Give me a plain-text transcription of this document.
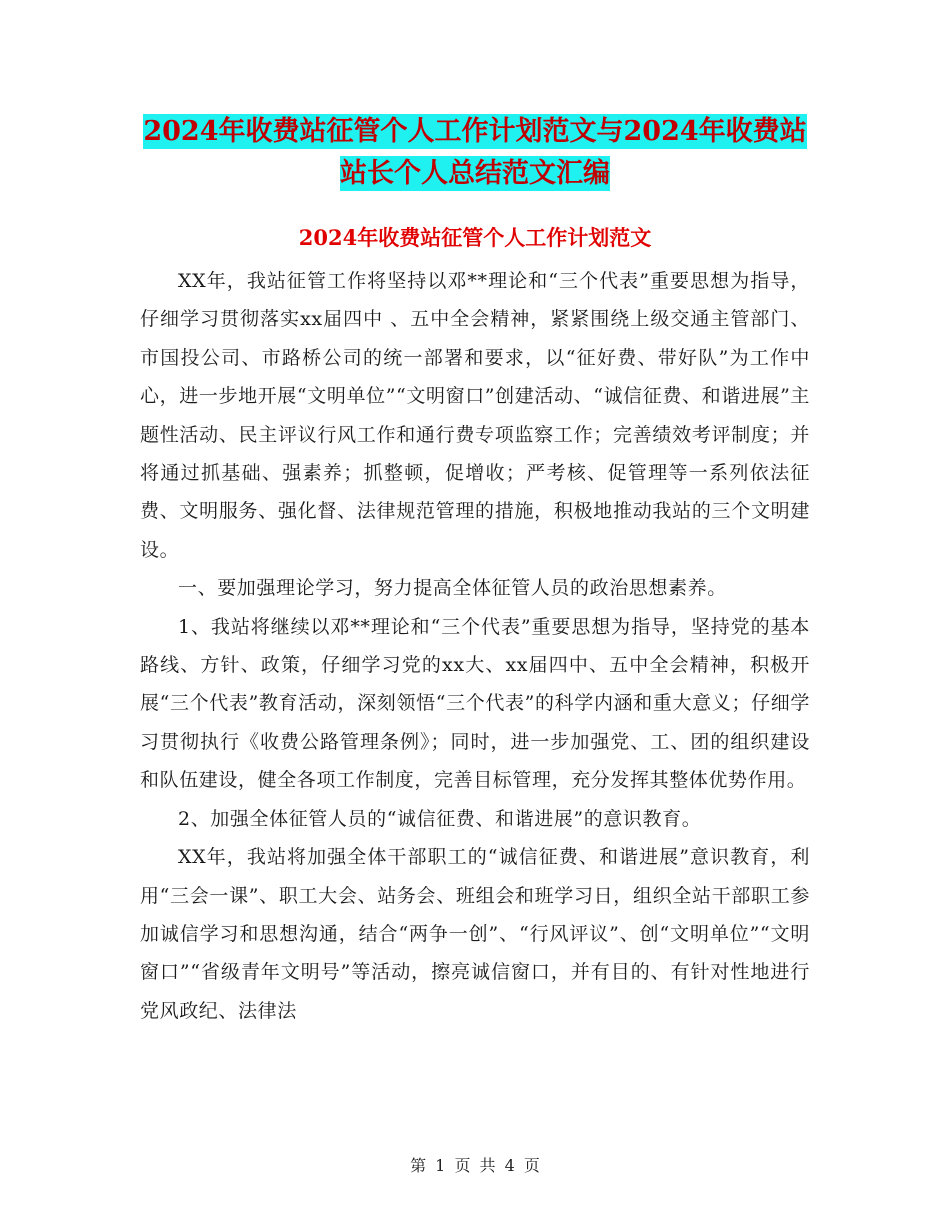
2024年收费站征管个人工作计划范文与2024年收费站
站长个人总结范文汇编
2024年收费站征管个人工作计划范文

XX年，我站征管工作将坚持以邓**理论和“三个代表”重要思想为指导，仔细学习贯彻落实xx届四中 、五中全会精神，紧紧围绕上级交通主管部门、市国投公司、市路桥公司的统一部署和要求，以“征好费、带好队”为工作中心，进一步地开展“文明单位”“文明窗口”创建活动、“诚信征费、和谐进展”主题性活动、民主评议行风工作和通行费专项监察工作；完善绩效考评制度；并将通过抓基础、强素养；抓整顿，促增收；严考核、促管理等一系列依法征费、文明服务、强化督、法律规范管理的措施，积极地推动我站的三个文明建设。

一、要加强理论学习，努力提高全体征管人员的政治思想素养。

1、我站将继续以邓**理论和“三个代表”重要思想为指导，坚持党的基本路线、方针、政策，仔细学习党的xx大、xx届四中、五中全会精神，积极开展“三个代表”教育活动，深刻领悟“三个代表”的科学内涵和重大意义；仔细学习贯彻执行《收费公路管理条例》；同时，进一步加强党、工、团的组织建设和队伍建设，健全各项工作制度，完善目标管理，充分发挥其整体优势作用。

2、加强全体征管人员的“诚信征费、和谐进展”的意识教育。

XX年，我站将加强全体干部职工的“诚信征费、和谐进展”意识教育，利用“三会一课”、职工大会、站务会、班组会和班学习日，组织全站干部职工参加诚信学习和思想沟通，结合“两争一创”、“行风评议”、创“文明单位”“文明窗口”“省级青年文明号”等活动，擦亮诚信窗口，并有目的、有针对性地进行党风政纪、法律法

第 1 页 共 4 页
